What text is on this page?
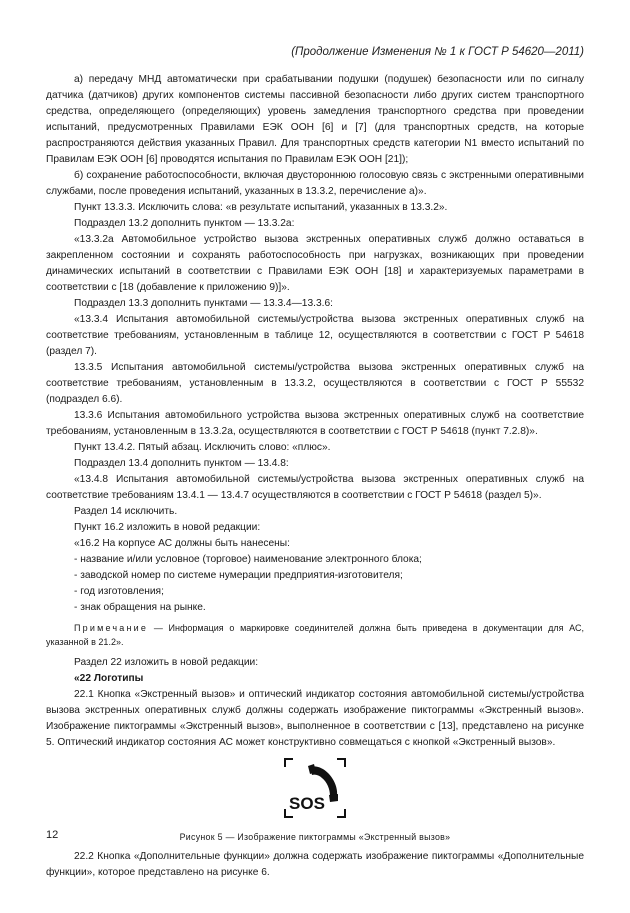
(Продолжение Изменения № 1 к ГОСТ Р 54620—2011)

а) передачу МНД автоматически при срабатывании подушки (подушек) безопасности или по сигналу датчика (датчиков) других компонентов системы пассивной безопасности либо других систем транспортного средства, определяющего (определяющих) уровень замедления транспортного средства при проведении испытаний, предусмотренных Правилами ЕЭК ООН [6] и [7] (для транспортных средств, на которые распространяются действия указанных Правил. Для транспортных средств категории N1 вместо испытаний по Правилам ЕЭК ООН [6] проводятся испытания по Правилам ЕЭК ООН [21]);

б) сохранение работоспособности, включая двустороннюю голосовую связь с экстренными оперативными службами, после проведения испытаний, указанных в 13.3.2, перечисление а)».

Пункт 13.3.3. Исключить слова: «в результате испытаний, указанных в 13.3.2».

Подраздел 13.2 дополнить пунктом — 13.3.2а:

«13.3.2а Автомобильное устройство вызова экстренных оперативных служб должно оставаться в закрепленном состоянии и сохранять работоспособность при нагрузках, возникающих при проведении динамических испытаний в соответствии с Правилами ЕЭК ООН [18] и характеризуемых параметрами в соответствии с [18 (добавление к приложению 9)]».

Подраздел 13.3 дополнить пунктами — 13.3.4—13.3.6:

«13.3.4 Испытания автомобильной системы/устройства вызова экстренных оперативных служб на соответствие требованиям, установленным в таблице 12, осуществляются в соответствии с ГОСТ Р 54618 (раздел 7).

13.3.5 Испытания автомобильной системы/устройства вызова экстренных оперативных служб на соответствие требованиям, установленным в 13.3.2, осуществляются в соответствии с ГОСТ Р 55532 (подраздел 6.6).

13.3.6 Испытания автомобильного устройства вызова экстренных оперативных служб на соответствие требованиям, установленным в 13.3.2а, осуществляются в соответствии с ГОСТ Р 54618 (пункт 7.2.8)».

Пункт 13.4.2. Пятый абзац. Исключить слово: «плюс».

Подраздел 13.4 дополнить пунктом — 13.4.8:

«13.4.8 Испытания автомобильной системы/устройства вызова экстренных оперативных служб на соответствие требованиям 13.4.1 — 13.4.7 осуществляются в соответствии с ГОСТ Р 54618 (раздел 5)».

Раздел 14 исключить.

Пункт 16.2 изложить в новой редакции:

«16.2 На корпусе АС должны быть нанесены:

- название и/или условное (торговое) наименование электронного блока;

- заводской номер по системе нумерации предприятия-изготовителя;

- год изготовления;

- знак обращения на рынке.

Примечание — Информация о маркировке соединителей должна быть приведена в документации для АС, указанной в 21.2».

Раздел 22 изложить в новой редакции:

«22 Логотипы

22.1 Кнопка «Экстренный вызов» и оптический индикатор состояния автомобильной системы/устройства вызова экстренных оперативных служб должны содержать изображение пиктограммы «Экстренный вызов». Изображение пиктограммы «Экстренный вызов», выполненное в соответствии с [13], представлено на рисунке 5. Оптический индикатор состояния АС может конструктивно совмещаться с кнопкой «Экстренный вызов».

SOS
Рисунок 5 — Изображение пиктограммы «Экстренный вызов»

22.2 Кнопка «Дополнительные функции» должна содержать изображение пиктограммы «Дополнительные функции», которое представлено на рисунке 6.

12
